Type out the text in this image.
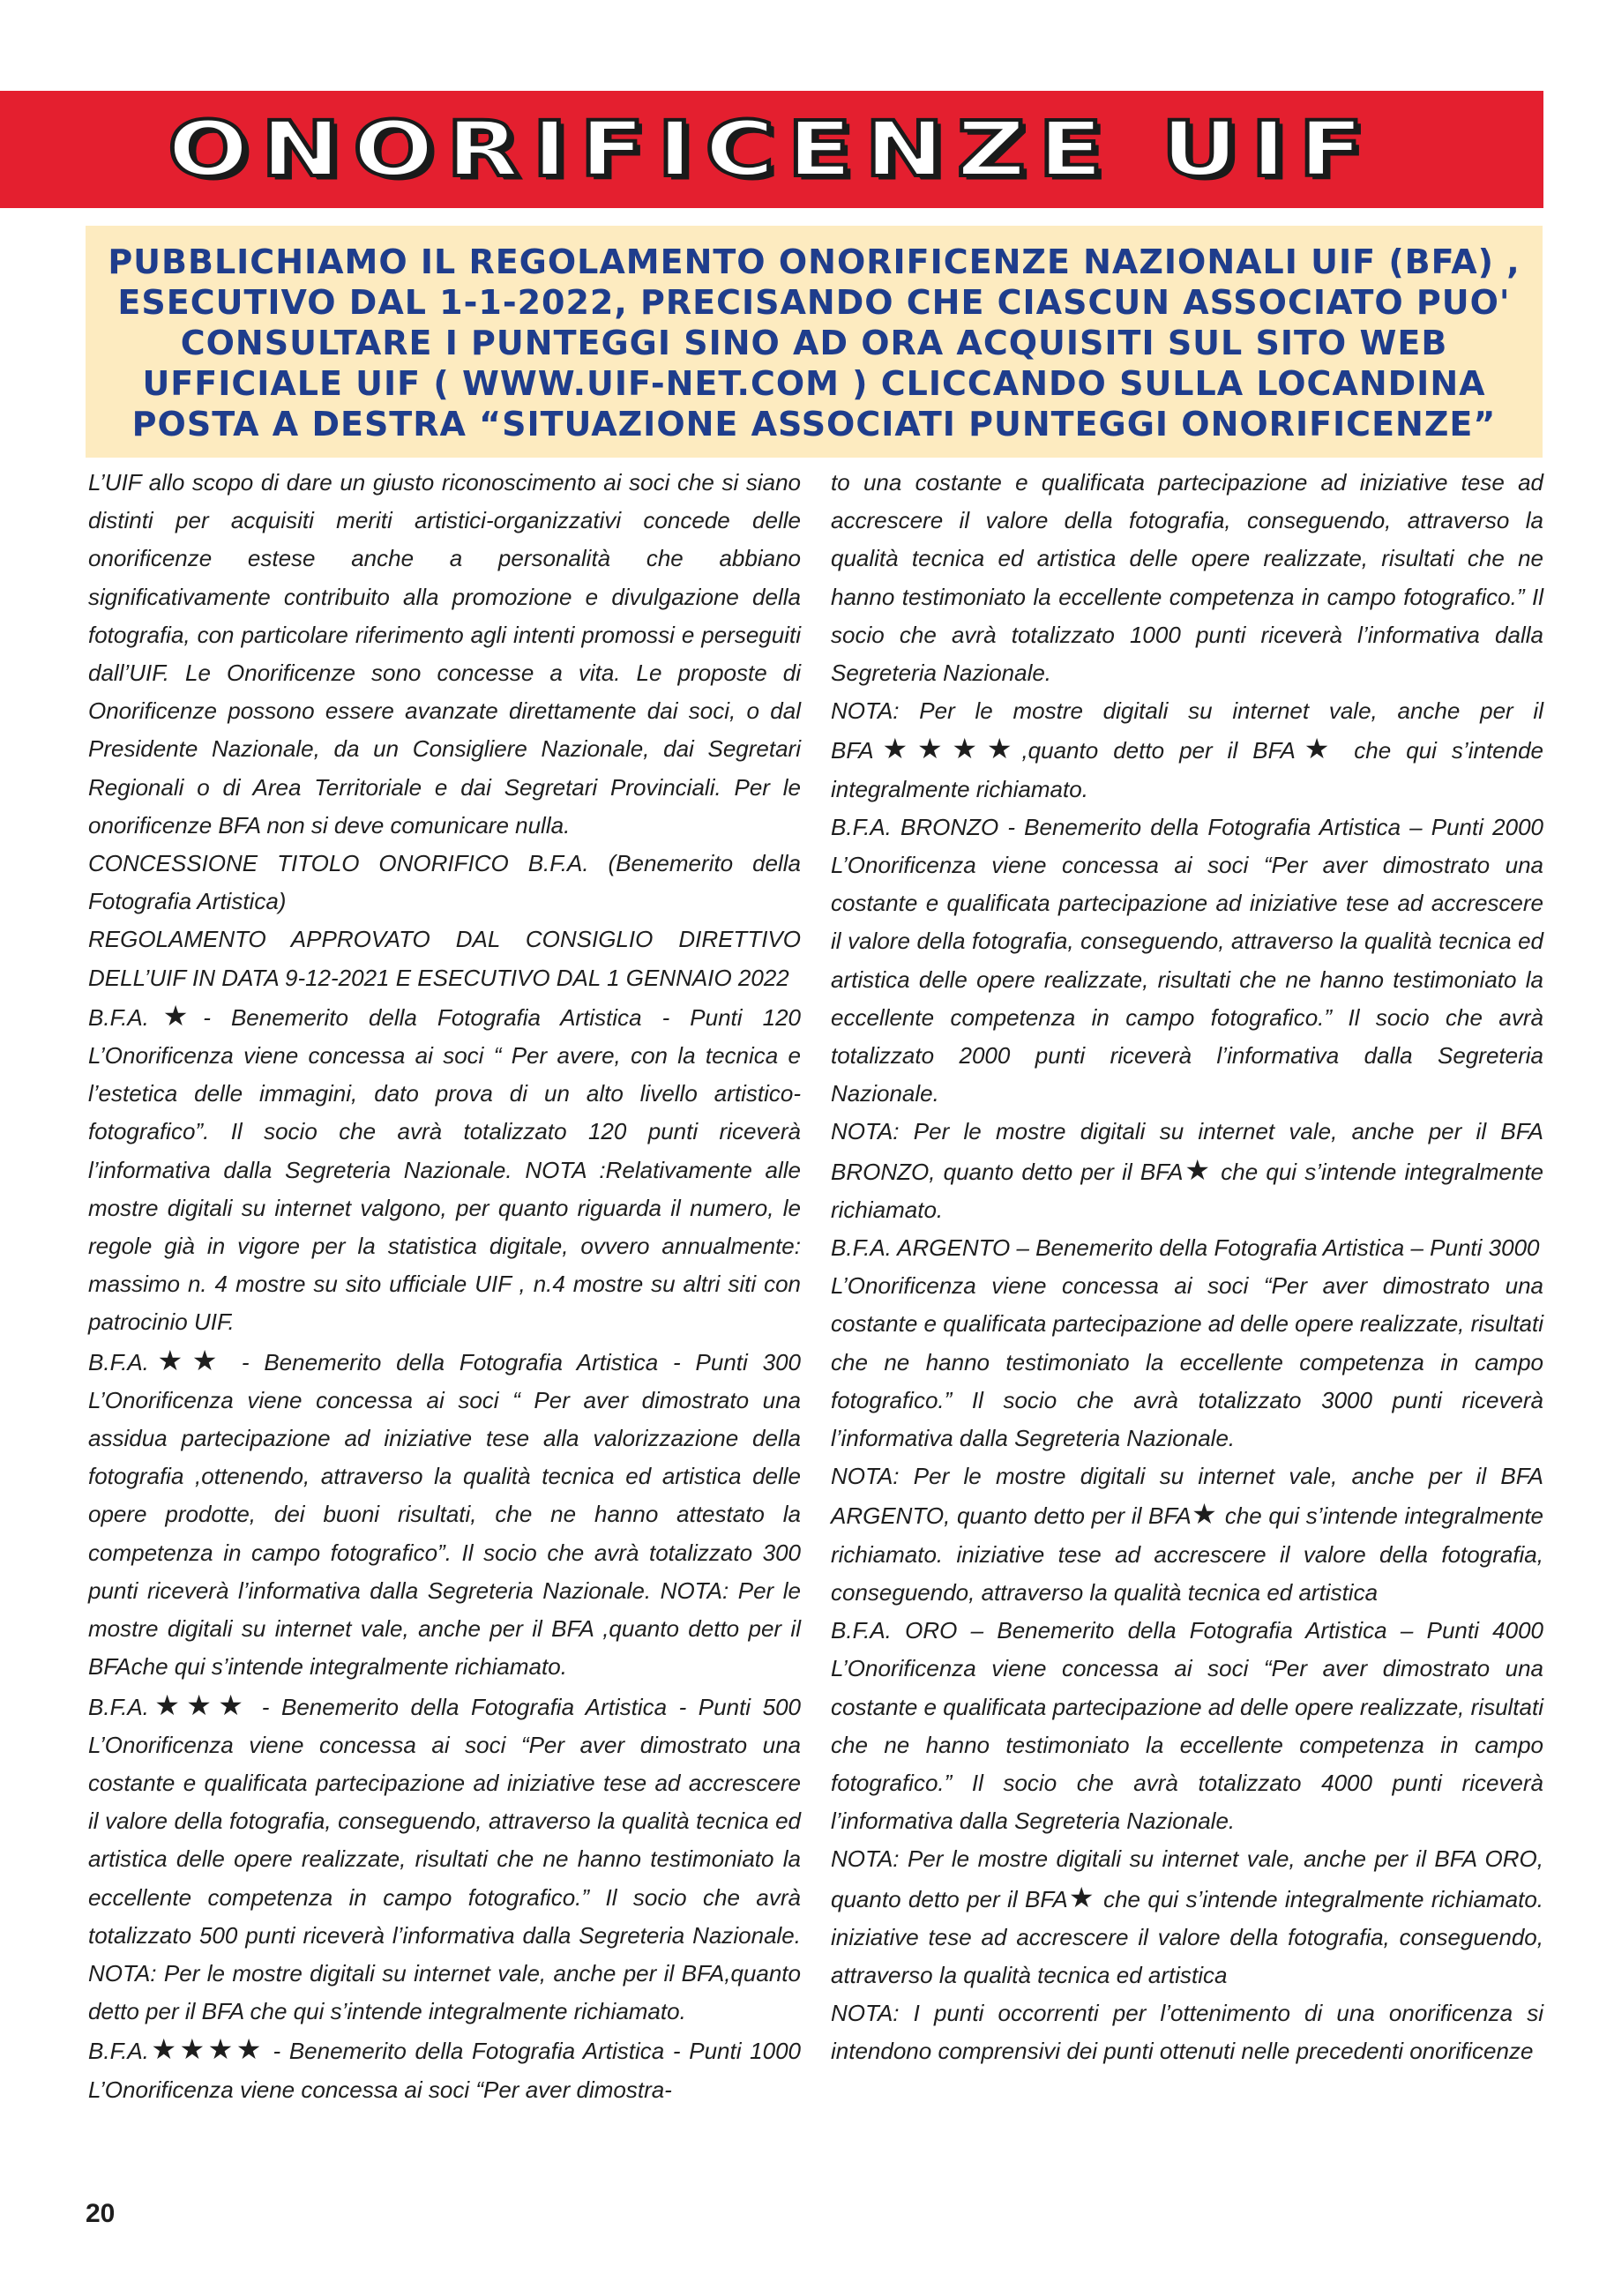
ONORIFICENZE UIF
PUBBLICHIAMO IL REGOLAMENTO ONORIFICENZE NAZIONALI UIF (BFA) ,
ESECUTIVO DAL 1-1-2022, PRECISANDO CHE CIASCUN ASSOCIATO PUO'
CONSULTARE I PUNTEGGI SINO AD ORA ACQUISITI SUL SITO WEB
UFFICIALE UIF ( WWW.UIF-NET.COM ) CLICCANDO SULLA LOCANDINA
POSTA A DESTRA “SITUAZIONE ASSOCIATI PUNTEGGI ONORIFICENZE”

L’UIF allo scopo di dare un giusto riconoscimento ai soci che si siano distinti per acquisiti meriti artistici-organizzativi concede delle onorificenze estese anche a personalità che abbiano significativamente contribuito alla promozione e divulgazione della fotografia, con particolare riferimento agli intenti promossi e perseguiti dall’UIF. Le Onorificenze sono concesse a vita. Le proposte di Onorificenze possono essere avanzate direttamente dai soci, o dal Presidente Nazionale, da un Consigliere Nazionale, dai Segretari Regionali o di Area Territoriale e dai Segretari Provinciali. Per le onorificenze BFA non si deve comunicare nulla.

CONCESSIONE TITOLO ONORIFICO B.F.A. (Benemerito della Fotografia Artistica)

REGOLAMENTO APPROVATO DAL CONSIGLIO DIRETTIVO DELL’UIF IN DATA 9-12-2021 E ESECUTIVO DAL 1 GENNAIO 2022

B.F.A.★- Benemerito della Fotografia Artistica - Punti 120 L’Onorificenza viene concessa ai soci “ Per avere, con la tecnica e l’estetica delle immagini, dato prova di un alto livello artistico-fotografico”. Il socio che avrà totalizzato 120 punti riceverà l’informativa dalla Segreteria Nazionale. NOTA :Relativamente alle mostre digitali su internet valgono, per quanto riguarda il numero, le regole già in vigore per la statistica digitale, ovvero annualmente: massimo n. 4 mostre su sito ufficiale UIF , n.4 mostre su altri siti con patrocinio UIF.

B.F.A.★★ - Benemerito della Fotografia Artistica - Punti 300 L’Onorificenza viene concessa ai soci “ Per aver dimostrato una assidua partecipazione ad iniziative tese alla valorizzazione della fotografia ,ottenendo, attraverso la qualità tecnica ed artistica delle opere prodotte, dei buoni risultati, che ne hanno attestato la competenza in campo fotografico”. Il socio che avrà totalizzato 300 punti riceverà l’informativa dalla Segreteria Nazionale. NOTA: Per le mostre digitali su internet vale, anche per il BFA ,quanto detto per il BFAche qui s’intende integralmente richiamato.

B.F.A.★★★ - Benemerito della Fotografia Artistica - Punti 500 L’Onorificenza viene concessa ai soci “Per aver dimostrato una costante e qualificata partecipazione ad iniziative tese ad accrescere il valore della fotografia, conseguendo, attraverso la qualità tecnica ed artistica delle opere realizzate, risultati che ne hanno testimoniato la eccellente competenza in campo fotografico.” Il socio che avrà totalizzato 500 punti riceverà l’informativa dalla Segreteria Nazionale. NOTA: Per le mostre digitali su internet vale, anche per il BFA,quanto detto per il BFA che qui s’intende integralmente richiamato.

B.F.A.★★★★ - Benemerito della Fotografia Artistica - Punti 1000 L’Onorificenza viene concessa ai soci “Per aver dimostra-

to una costante e qualificata partecipazione ad iniziative tese ad accrescere il valore della fotografia, conseguendo, attraverso la qualità tecnica ed artistica delle opere realizzate, risultati che ne hanno testimoniato la eccellente competenza in campo fotografico.” Il socio che avrà totalizzato 1000 punti riceverà l’informativa dalla Segreteria Nazionale.

NOTA: Per le mostre digitali su internet vale, anche per il BFA★★★★,quanto detto per il BFA★ che qui s’intende integralmente richiamato.

B.F.A. BRONZO - Benemerito della Fotografia Artistica – Punti 2000 L’Onorificenza viene concessa ai soci “Per aver dimostrato una costante e qualificata partecipazione ad iniziative tese ad accrescere il valore della fotografia, conseguendo, attraverso la qualità tecnica ed artistica delle opere realizzate, risultati che ne hanno testimoniato la eccellente competenza in campo fotografico.” Il socio che avrà totalizzato 2000 punti riceverà l’informativa dalla Segreteria Nazionale.

NOTA: Per le mostre digitali su internet vale, anche per il BFA BRONZO, quanto detto per il BFA★ che qui s’intende integralmente richiamato.

B.F.A. ARGENTO – Benemerito della Fotografia Artistica – Punti 3000

L’Onorificenza viene concessa ai soci “Per aver dimostrato una costante e qualificata partecipazione ad delle opere realizzate, risultati che ne hanno testimoniato la eccellente competenza in campo fotografico.” Il socio che avrà totalizzato 3000 punti riceverà l’informativa dalla Segreteria Nazionale.

NOTA: Per le mostre digitali su internet vale, anche per il BFA ARGENTO, quanto detto per il BFA★ che qui s’intende integralmente richiamato. iniziative tese ad accrescere il valore della fotografia, conseguendo, attraverso la qualità tecnica ed artistica

B.F.A. ORO – Benemerito della Fotografia Artistica – Punti 4000 L’Onorificenza viene concessa ai soci “Per aver dimostrato una costante e qualificata partecipazione ad delle opere realizzate, risultati che ne hanno testimoniato la eccellente competenza in campo fotografico.” Il socio che avrà totalizzato 4000 punti riceverà l’informativa dalla Segreteria Nazionale.

NOTA: Per le mostre digitali su internet vale, anche per il BFA ORO, quanto detto per il BFA★ che qui s’intende integralmente richiamato. iniziative tese ad accrescere il valore della fotografia, conseguendo, attraverso la qualità tecnica ed artistica

NOTA: I punti occorrenti per l’ottenimento di una onorificenza si intendono comprensivi dei punti ottenuti nelle precedenti onorificenze

20
